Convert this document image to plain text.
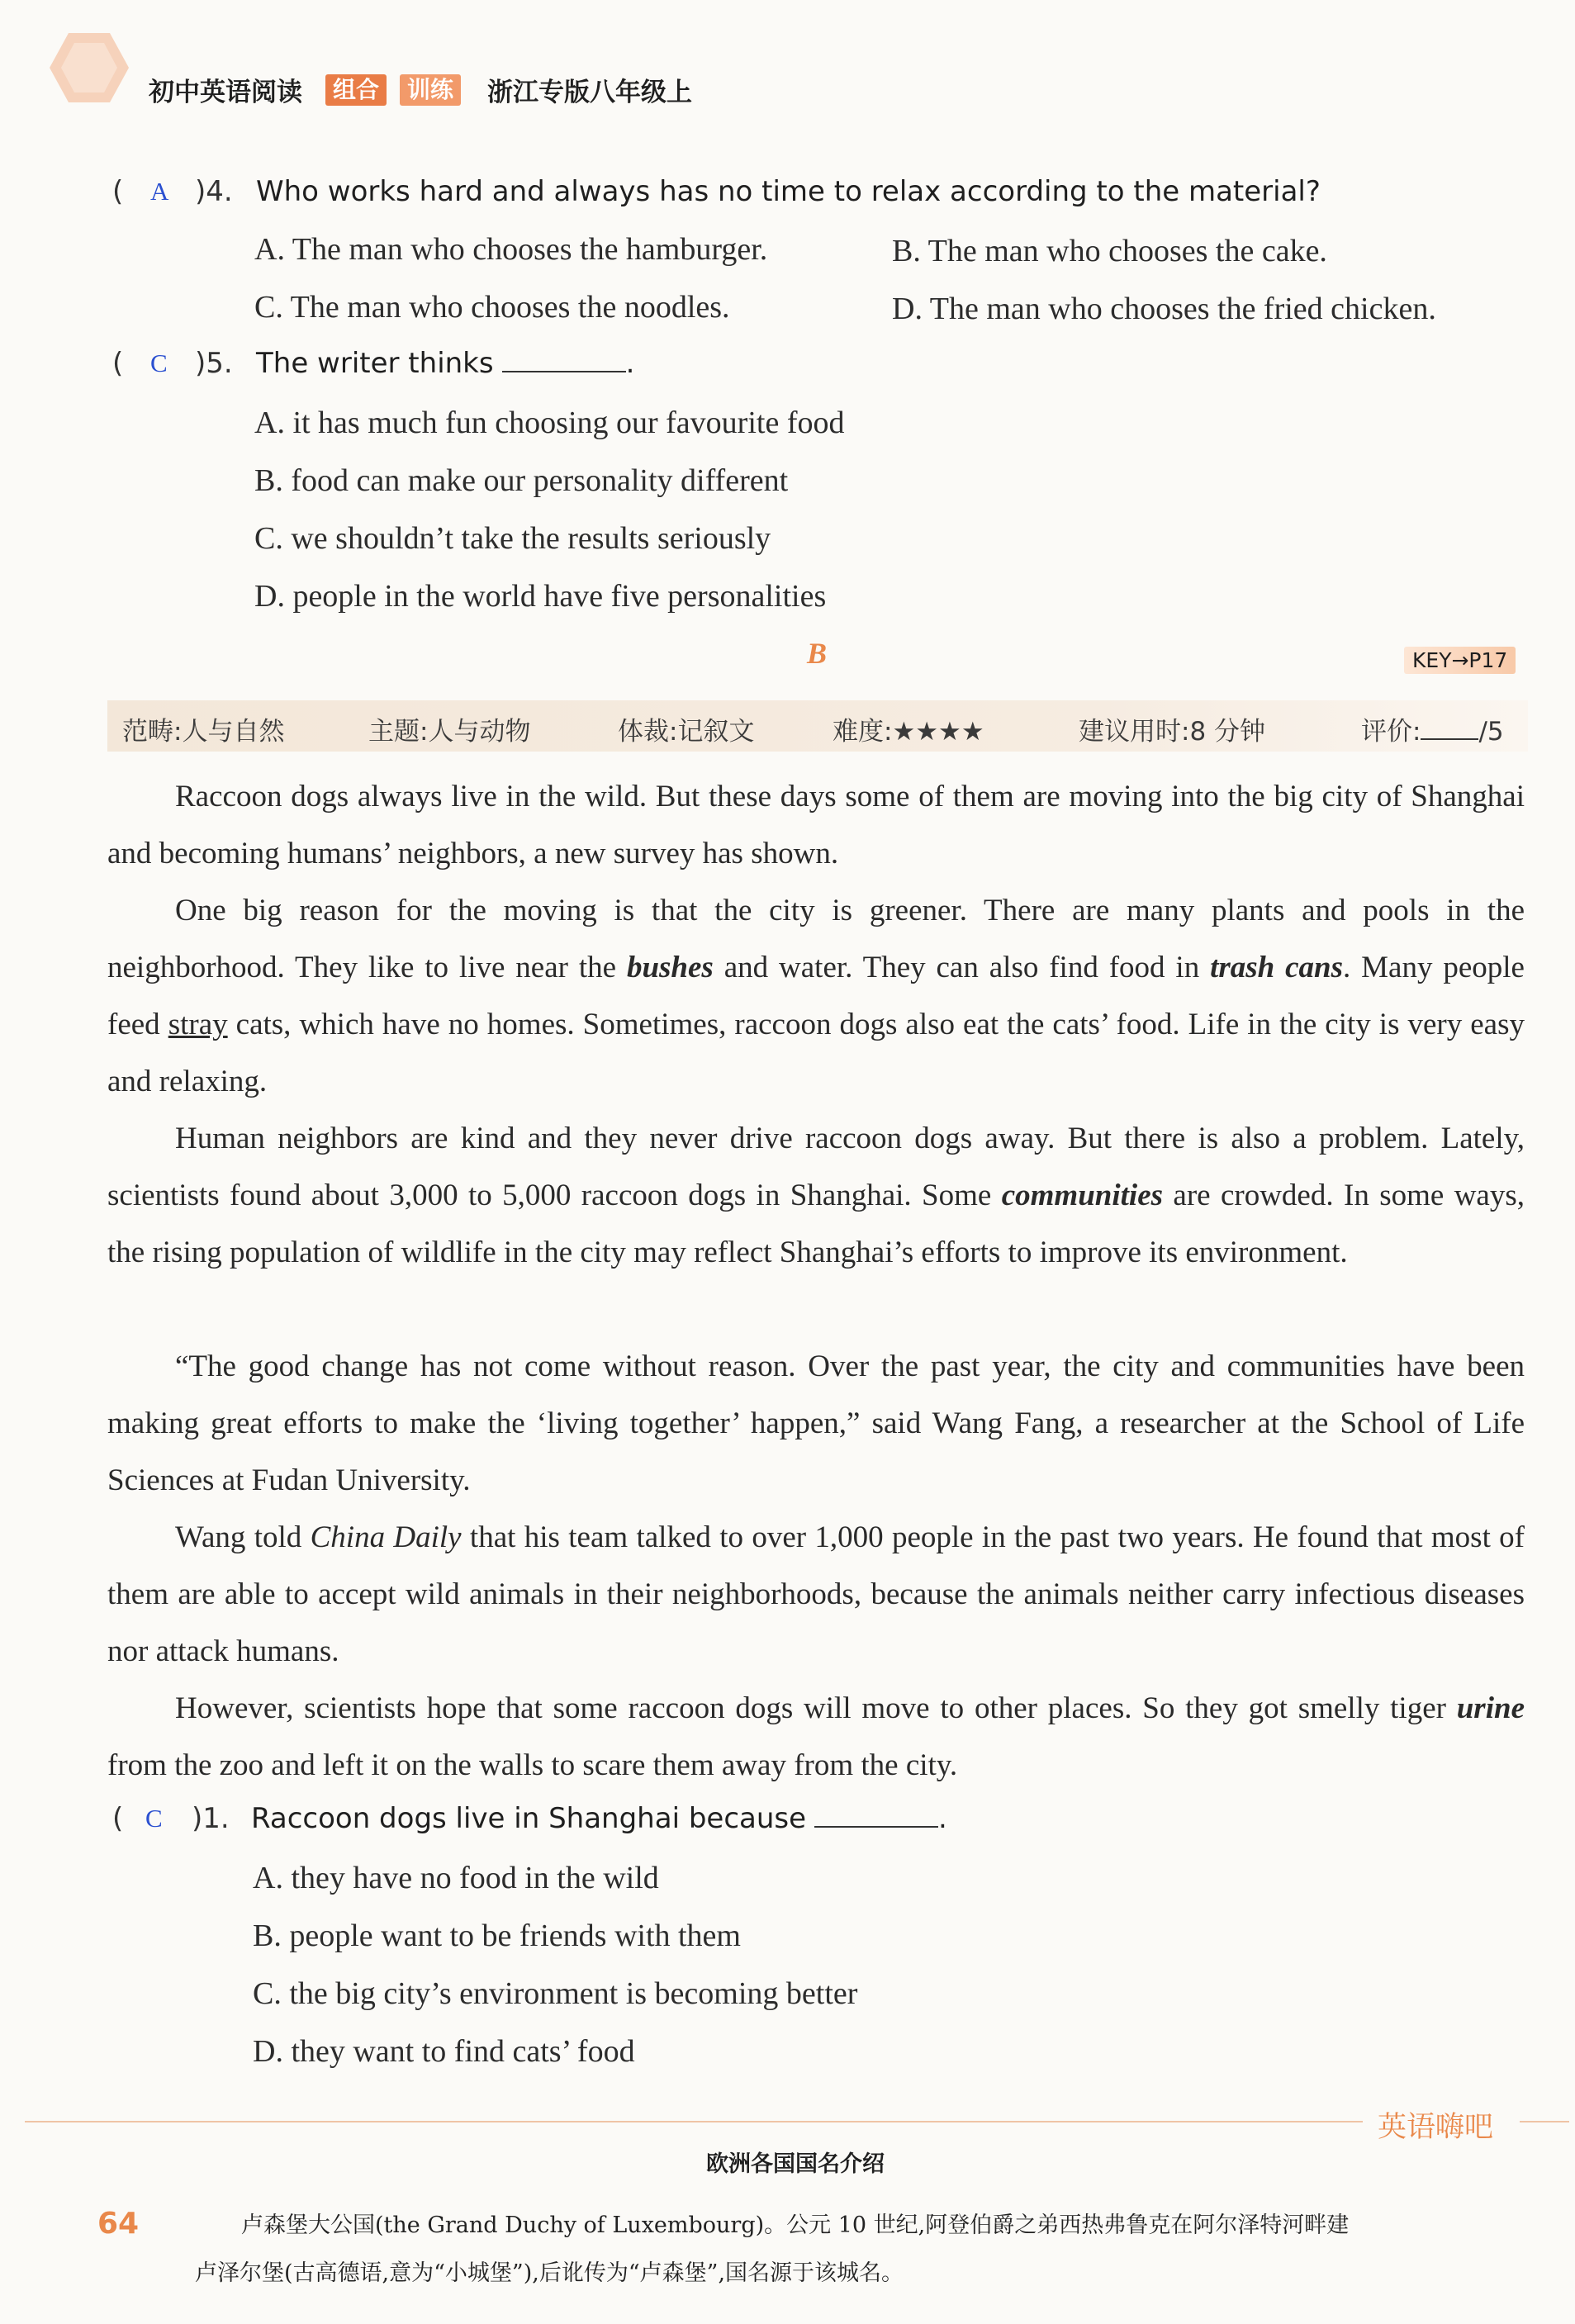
初中英语阅读	组合	训练 浙江专版八年级上
( A )4. Who works hard and always has no time to relax according to the material?
A. The man who chooses the hamburger.	B. The man who chooses the cake.
C. The man who chooses the noodles.	D. The man who chooses the fried chicken.
( C )5. The writer thinks	.
A. it has much fun choosing our favourite food
B. food can make our personality different
C. we shouldn’t take the results seriously
D. people in the world have five personalities
B	KEY→P17
范畴:人与自然	主题:人与动物	体裁:记叙文	难度:★★★★	建议用时:8 分钟	评价: /5

Raccoon dogs always live in the wild. But these days some of them are moving into the big city of Shanghai and becoming humans’ neighbors, a new survey has shown.

One big reason for the moving is that the city is greener. There are many plants and pools in the neighborhood. They like to live near the bushes and water. They can also find food in trash cans. Many people feed stray cats, which have no homes. Sometimes, raccoon dogs also eat the cats’ food. Life in the city is very easy and relaxing.

Human neighbors are kind and they never drive raccoon dogs away. But there is also a problem. Lately, scientists found about 3,000 to 5,000 raccoon dogs in Shanghai. Some communities are crowded. In some ways, the rising population of wildlife in the city may reflect Shanghai’s efforts to improve its environment.

“The good change has not come without reason. Over the past year, the city and communities have been making great efforts to make the ‘living together’ happen,” said Wang Fang, a researcher at the School of Life Sciences at Fudan University.

Wang told China Daily that his team talked to over 1,000 people in the past two years. He found that most of them are able to accept wild animals in their neighborhoods, because the animals neither carry infectious diseases nor attack humans.

However, scientists hope that some raccoon dogs will move to other places. So they got smelly tiger urine from the zoo and left it on the walls to scare them away from the city.

( C )1. Raccoon dogs live in Shanghai because	.
A. they have no food in the wild
B. people want to be friends with them
C. the big city’s environment is becoming better
D. they want to find cats’ food
英语嗨吧
欧洲各国国名介绍
64	卢森堡大公国(the Grand Duchy of Luxembourg)。公元 10 世纪,阿登伯爵之弟西热弗鲁克在阿尔泽特河畔建
卢泽尔堡(古高德语,意为“小城堡”),后讹传为“卢森堡”,国名源于该城名。
